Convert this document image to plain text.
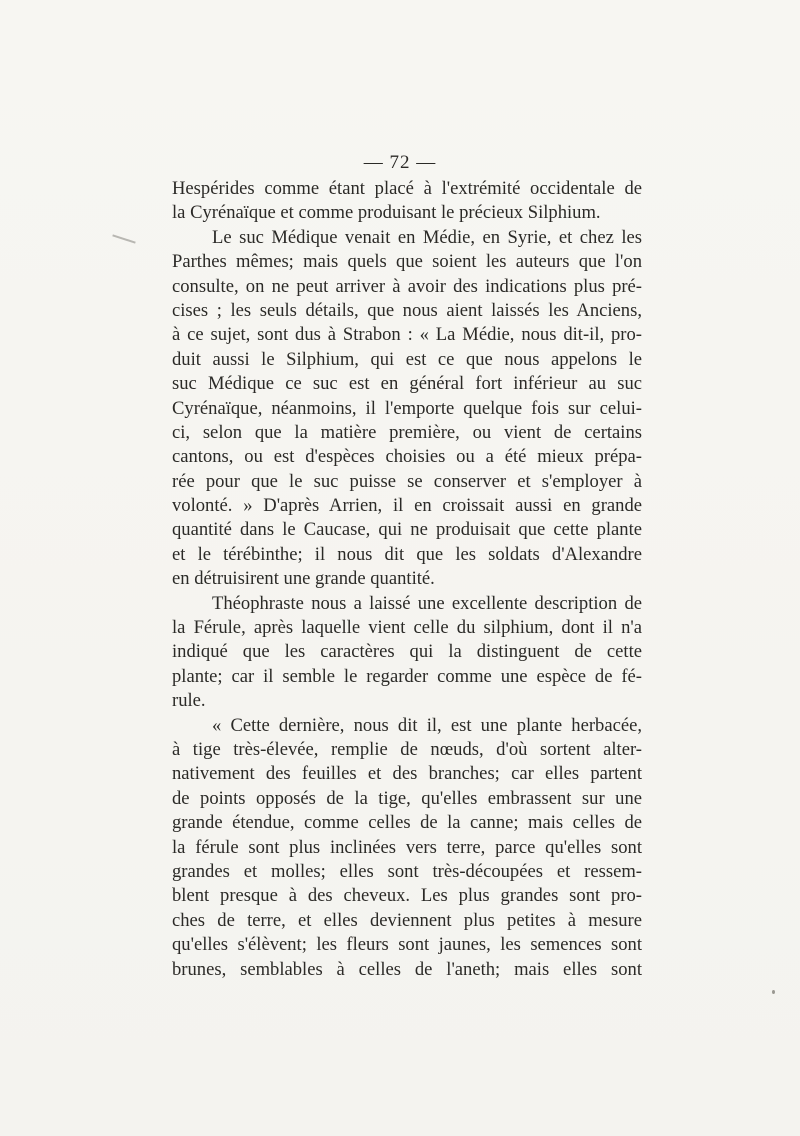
— 72 —
Hespérides comme étant placé à l'extrémité occidentale de
la Cyrénaïque et comme produisant le précieux Silphium.
Le suc Médique venait en Médie, en Syrie, et chez les
Parthes mêmes; mais quels que soient les auteurs que l'on
consulte, on ne peut arriver à avoir des indications plus pré-
cises ; les seuls détails, que nous aient laissés les Anciens,
à ce sujet, sont dus à Strabon : « La Médie, nous dit-il, pro-
duit aussi le Silphium, qui est ce que nous appelons le
suc Médique ce suc est en général fort inférieur au suc
Cyrénaïque, néanmoins, il l'emporte quelque fois sur celui-
ci, selon que la matière première, ou vient de certains
cantons, ou est d'espèces choisies ou a été mieux prépa-
rée pour que le suc puisse se conserver et s'employer à
volonté. » D'après Arrien, il en croissait aussi en grande
quantité dans le Caucase, qui ne produisait que cette plante
et le térébinthe; il nous dit que les soldats d'Alexandre
en détruisirent une grande quantité.
Théophraste nous a laissé une excellente description de
la Férule, après laquelle vient celle du silphium, dont il n'a
indiqué que les caractères qui la distinguent de cette
plante; car il semble le regarder comme une espèce de fé-
rule.
« Cette dernière, nous dit il, est une plante herbacée,
à tige très-élevée, remplie de nœuds, d'où sortent alter-
nativement des feuilles et des branches; car elles partent
de points opposés de la tige, qu'elles embrassent sur une
grande étendue, comme celles de la canne; mais celles de
la férule sont plus inclinées vers terre, parce qu'elles sont
grandes et molles; elles sont très-découpées et ressem-
blent presque à des cheveux. Les plus grandes sont pro-
ches de terre, et elles deviennent plus petites à mesure
qu'elles s'élèvent; les fleurs sont jaunes, les semences sont
brunes, semblables à celles de l'aneth; mais elles sont
